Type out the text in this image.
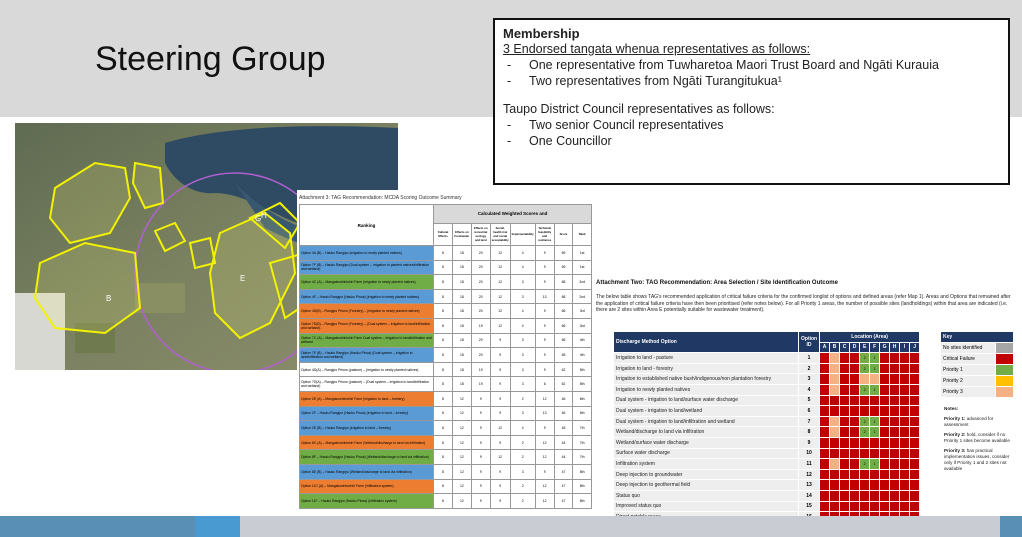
Steering Group
Membership
3 Endorsed tangata whenua representatives as follows:
- One representative from Tuwharetoa Maori Trust Board and Ngāti Kurauia
- Two representatives from Ngāti Turangitukua¹
Taupo District Council representatives as follows:
- Two senior Council representatives
- One Councillor
B
E
G H
Attachment 3: TAG Recommendation: MCDA Scoring Outcome Summary
Ranking	Calculated Weighted Scores and							
	Cultural Effects	Effects on Freshwater	Effects on terrestrial ecology and land	Social, health risk and social acceptability	Implementability	Technical feasibility and resilience	Score	Rank
Option 4A (B) – Hauku Rangipo (irrigation to newly planted natives)	8	18	20	12	4	9	69	1st
Option 7F (B) – Hauku Rangipo (Dual system – irrigation to planted natives/infiltration and wetland)	8	18	20	12	4	9	69	1st
Option 4C (A) – Mangakowhiriwhiri Farm (irrigation to newly planted natives)	8	18	20	12	3	9	68	2nd
Option 4F – Hauku Rangipo (Hauku Pinoa) (irrigation to newly planted natives)	8	18	20	12	3	13	68	2nd
Option 4D(B) – Rangipo Prison (Forestry) – (irrigation to newly planted natives)	8	18	20	12	4	9	66	3rd
Option 7D(B) – Rangipo Prison (Forestry) – (Dual system – irrigation to land/infiltration and wetland)	8	18	19	12	4	9	66	3rd
Option 7C (A) – Mangakowhiriwhiri Farm Dual system – irrigation to land/infiltration and wetland	8	18	20	9	3	9	65	4th
Option 7E (B) – Hauku Rangipo (Hauku Pinoa) (Dual system – irrigation to land/infiltration and wetland)	8	18	20	9	3	9	65	4th
Option 4D(A) – Rangipo Prison (pasture) – (irrigation to newly planted natives)	8	18	19	9	3	9	62	5th
Option 7D(A) – Rangipo Prison (pasture) – (Dual system – irrigation to land/infiltration and wetland)	8	18	19	9	3	6	62	5th
Option 2E (A) – Mangakowhiriwhiri Farm (irrigation to land – forestry)	8	12	9	9	2	12	46	6th
Option 2F – Hauku Rangipo (Hauku Pinoa) (irrigation to land – forestry)	8	12	9	9	3	13	46	6th
Option 2E (B) – Hauku Rangipo (irrigation to land – forestry)	8	12	9	12	4	9	45	7th
Option 8C (A) – Mangakowhiriwhiri Farm (Wetland/discharge to land via infiltration)	8	12	9	9	2	12	44	7th
Option 8F – Hauku Rangipo (Hauku Pinoa) (Wetland/discharge to land via infiltration)	8	12	9	12	2	12	44	7th
Option 8E (B) – Hauku Rangipo (Wetland/discharge to land via infiltration)	8	12	9	9	3	9	47	8th
Option 11C (A) – Mangakowhiriwhiri Farm (Infiltration system)	8	12	9	9	2	12	47	8th
Option 11F – Hauku Rangipo (Hauku Pinoa) (Infiltration system)	8	12	9	9	2	12	47	8th
Attachment Two: TAG Recommendation: Area Selection / Site Identification Outcome
The below table shows TAG's recommended application of critical failure criteria for the confirmed longlist of options and defined areas (refer Map 1). Areas and Options that remained after the application of critical failure criteria have then been prioritised (refer notes below). For all Priority 1 areas, the number of possible sites (landholdings) within that area are indicated (i.e. there are 2 sites within Area E potentially suitable for wastewater treatment).
Discharge Method Option	Option ID	Location (Area)									
		A	B	C	D	E	F	G	H	I	J
Irrigation to land - pasture	1					2	1				
Irrigation to land - forestry	2					2	1				
Irrigation to established native bush/indigenous/non plantation forestry	3										
Irrigation to newly planted natives	4					2	1				
Dual system - irrigation to land/surface water discharge	5										
Dual system - irrigation to land/wetland	6										
Dual system - irrigation to land/infiltration and wetland	7					2	1				
Wetland/discharge to land via infiltration	8					2	1				
Wetland/surface water discharge	9										
Surface water discharge	10										
Infiltration system	11					2	1				
Deep injection to groundwater	12										
Deep injection to geothermal field	13										
Status quo	14										
Improved status quo	15										

Key	
No sites identified	
Critical Failure	
Priority 1	
Priority 2	
Priority 3	

Notes:

Priority 1: advanced for assessment

Priority 2: hold, consider if no Priority 1 sites become available

Priority 3: has practical implementation issues, consider only if Priority 1 and 2 sites not available
